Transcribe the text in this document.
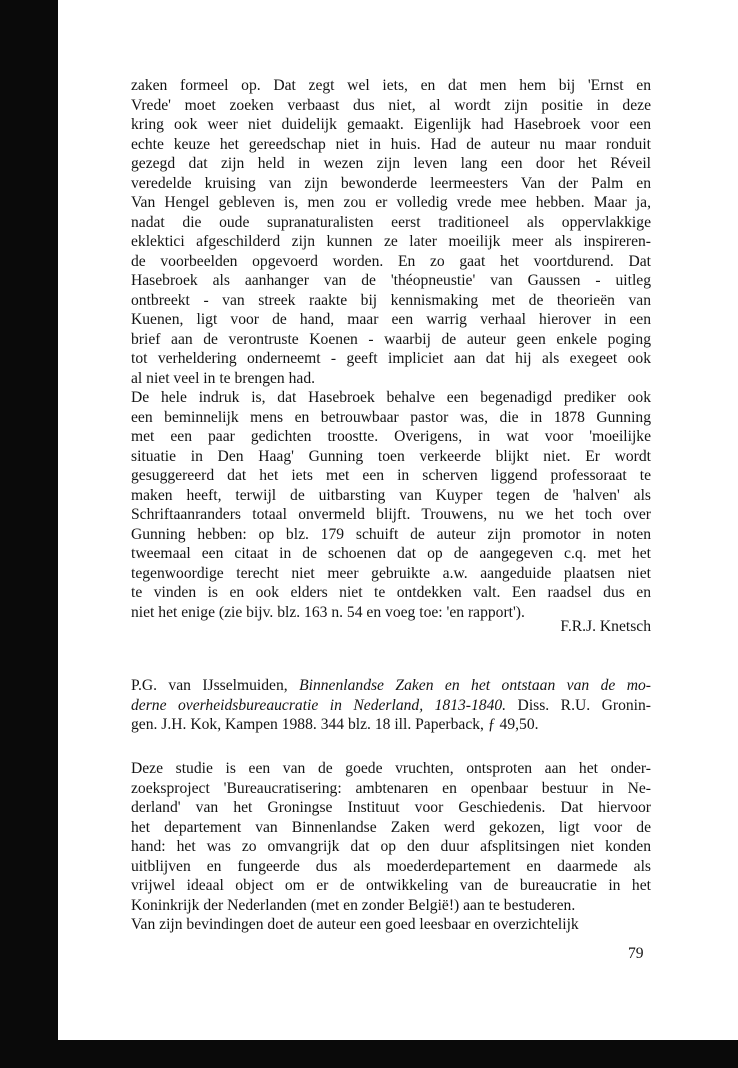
zaken formeel op. Dat zegt wel iets, en dat men hem bij 'Ernst en
Vrede' moet zoeken verbaast dus niet, al wordt zijn positie in deze
kring ook weer niet duidelijk gemaakt. Eigenlijk had Hasebroek voor een
echte keuze het gereedschap niet in huis. Had de auteur nu maar ronduit
gezegd dat zijn held in wezen zijn leven lang een door het Réveil
veredelde kruising van zijn bewonderde leermeesters Van der Palm en
Van Hengel gebleven is, men zou er volledig vrede mee hebben. Maar ja,
nadat die oude supranaturalisten eerst traditioneel als oppervlakkige
eklektici afgeschilderd zijn kunnen ze later moeilijk meer als inspireren-
de voorbeelden opgevoerd worden. En zo gaat het voortdurend. Dat
Hasebroek als aanhanger van de 'théopneustie' van Gaussen - uitleg
ontbreekt - van streek raakte bij kennismaking met de theorieën van
Kuenen, ligt voor de hand, maar een warrig verhaal hierover in een
brief aan de verontruste Koenen - waarbij de auteur geen enkele poging
tot verheldering onderneemt - geeft impliciet aan dat hij als exegeet ook
al niet veel in te brengen had.
De hele indruk is, dat Hasebroek behalve een begenadigd prediker ook
een beminnelijk mens en betrouwbaar pastor was, die in 1878 Gunning
met een paar gedichten troostte. Overigens, in wat voor 'moeilijke
situatie in Den Haag' Gunning toen verkeerde blijkt niet. Er wordt
gesuggereerd dat het iets met een in scherven liggend professoraat te
maken heeft, terwijl de uitbarsting van Kuyper tegen de 'halven' als
Schriftaanranders totaal onvermeld blijft. Trouwens, nu we het toch over
Gunning hebben: op blz. 179 schuift de auteur zijn promotor in noten
tweemaal een citaat in de schoenen dat op de aangegeven c.q. met het
tegenwoordige terecht niet meer gebruikte a.w. aangeduide plaatsen niet
te vinden is en ook elders niet te ontdekken valt. Een raadsel dus en
niet het enige (zie bijv. blz. 163 n. 54 en voeg toe: 'en rapport').
F.R.J. Knetsch
P.G. van IJsselmuiden, Binnenlandse Zaken en het ontstaan van de mo-
derne overheidsbureaucratie in Nederland, 1813-1840. Diss. R.U. Gronin-
gen. J.H. Kok, Kampen 1988. 344 blz. 18 ill. Paperback, ƒ 49,50.
Deze studie is een van de goede vruchten, ontsproten aan het onder-
zoeksproject 'Bureaucratisering: ambtenaren en openbaar bestuur in Ne-
derland' van het Groningse Instituut voor Geschiedenis. Dat hiervoor
het departement van Binnenlandse Zaken werd gekozen, ligt voor de
hand: het was zo omvangrijk dat op den duur afsplitsingen niet konden
uitblijven en fungeerde dus als moederdepartement en daarmede als
vrijwel ideaal object om er de ontwikkeling van de bureaucratie in het
Koninkrijk der Nederlanden (met en zonder België!) aan te bestuderen.
Van zijn bevindingen doet de auteur een goed leesbaar en overzichtelijk
79
